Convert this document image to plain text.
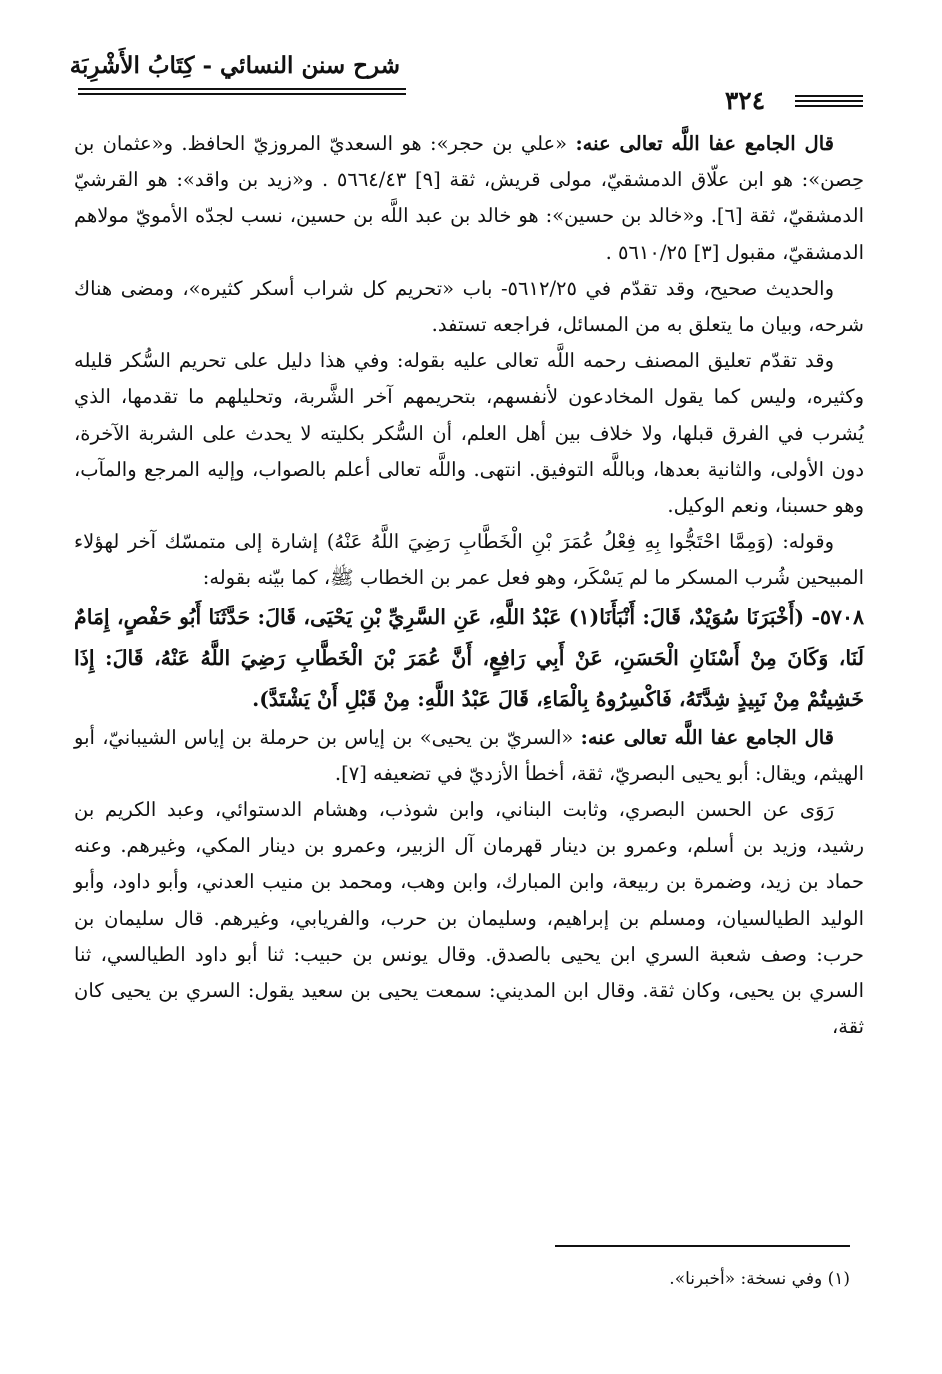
شرح سنن النسائي - كِتَابُ الأَشْرِبَة
٣٢٤

قال الجامع عفا اللَّه تعالى عنه: «علي بن حجر»: هو السعديّ المروزيّ الحافظ. و«عثمان بن حِصن»: هو ابن علّاق الدمشقيّ، مولى قريش، ثقة [٩] ٥٦٦٤/٤٣ . و«زيد بن واقد»: هو القرشيّ الدمشقيّ، ثقة [٦]. و«خالد بن حسين»: هو خالد بن عبد اللَّه بن حسين، نسب لجدّه الأمويّ مولاهم الدمشقيّ، مقبول [٣] ٥٦١٠/٢٥ .

والحديث صحيح، وقد تقدّم في ٥٦١٢/٢٥- باب «تحريم كل شراب أسكر كثيره»، ومضى هناك شرحه، وبيان ما يتعلق به من المسائل، فراجعه تستفد.

وقد تقدّم تعليق المصنف رحمه اللَّه تعالى عليه بقوله: وفي هذا دليل على تحريم السُّكر قليله وكثيره، وليس كما يقول المخادعون لأنفسهم، بتحريمهم آخر الشَّربة، وتحليلهم ما تقدمها، الذي يُشرب في الفرق قبلها، ولا خلاف بين أهل العلم، أن السُّكر بكليته لا يحدث على الشربة الآخرة، دون الأولى، والثانية بعدها، وباللَّه التوفيق. انتهى. واللَّه تعالى أعلم بالصواب، وإليه المرجع والمآب، وهو حسبنا، ونعم الوكيل.

وقوله: (وَمِمَّا احْتَجُّوا بِهِ فِعْلُ عُمَرَ بْنِ الْخَطَّابِ رَضِيَ اللَّهُ عَنْهُ) إشارة إلى متمسّك آخر لهؤلاء المبيحين شُرب المسكر ما لم يَسْكَر، وهو فعل عمر بن الخطاب ﷺ، كما بيّنه بقوله:

٥٧٠٨- (أَخْبَرَنَا سُوَيْدٌ، قَالَ: أَنْبَأَنَا(١) عَبْدُ اللَّهِ، عَنِ السَّرِيِّ بْنِ يَحْيَى، قَالَ: حَدَّثَنَا أَبُو حَفْصٍ، إِمَامٌ لَنَا، وَكَانَ مِنْ أَسْنَانِ الْحَسَنِ، عَنْ أَبِي رَافِعٍ، أَنَّ عُمَرَ بْنَ الْخَطَّابِ رَضِيَ اللَّهُ عَنْهُ، قَالَ: إِذَا خَشِيتُمْ مِنْ نَبِيذٍ شِدَّتَهُ، فَاكْسِرُوهُ بِالْمَاءِ، قَالَ عَبْدُ اللَّهِ: مِنْ قَبْلِ أَنْ يَشْتَدَّ).

قال الجامع عفا اللَّه تعالى عنه: «السريّ بن يحيى» بن إياس بن حرملة بن إياس الشيبانيّ، أبو الهيثم، ويقال: أبو يحيى البصريّ، ثقة، أخطأ الأزديّ في تضعيفه [٧].

رَوَى عن الحسن البصري، وثابت البناني، وابن شوذب، وهشام الدستوائي، وعبد الكريم بن رشيد، وزيد بن أسلم، وعمرو بن دينار قهرمان آل الزبير، وعمرو بن دينار المكي، وغيرهم. وعنه حماد بن زيد، وضمرة بن ربيعة، وابن المبارك، وابن وهب، ومحمد بن منيب العدني، وأبو داود، وأبو الوليد الطيالسيان، ومسلم بن إبراهيم، وسليمان بن حرب، والفريابي، وغيرهم. قال سليمان بن حرب: وصف شعبة السري ابن يحيى بالصدق. وقال يونس بن حبيب: ثنا أبو داود الطيالسي، ثنا السري بن يحيى، وكان ثقة. وقال ابن المديني: سمعت يحيى بن سعيد يقول: السري بن يحيى كان ثقة،

(١) وفي نسخة: «أخبرنا».
